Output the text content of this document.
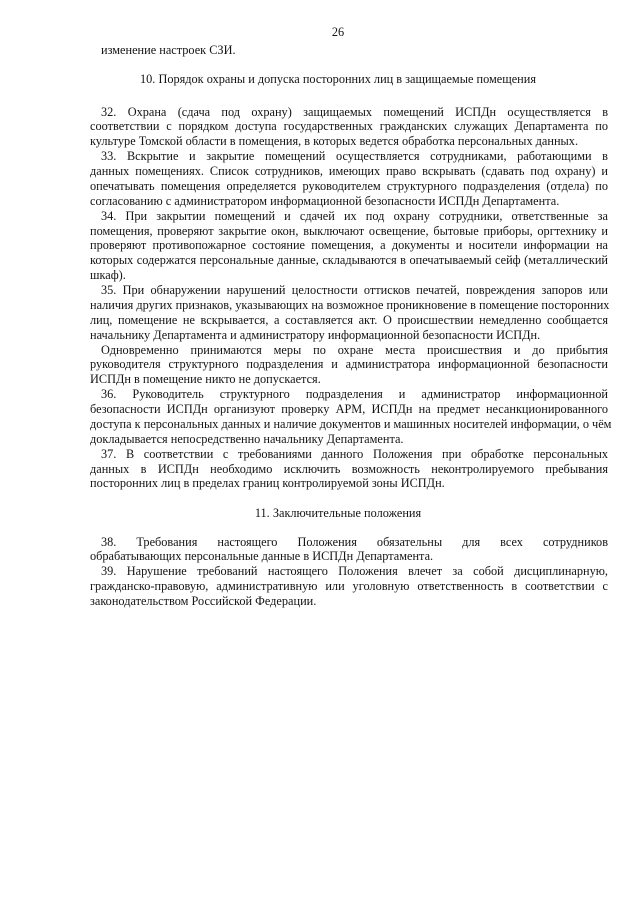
26
изменение настроек СЗИ.
10. Порядок охраны и допуска посторонних лиц в защищаемые помещения
32. Охрана (сдача под охрану) защищаемых помещений ИСПДн осуществляется в
соответствии с порядком доступа государственных гражданских служащих Департамента по
культуре Томской области в помещения, в которых ведется обработка персональных данных.
33. Вскрытие и закрытие помещений осуществляется сотрудниками, работающими в
данных помещениях. Список сотрудников, имеющих право вскрывать (сдавать под охрану) и
опечатывать помещения определяется руководителем структурного подразделения (отдела) по
согласованию с администратором информационной безопасности ИСПДн Департамента.
34. При закрытии помещений и сдачей их под охрану сотрудники, ответственные за
помещения, проверяют закрытие окон, выключают освещение, бытовые приборы, оргтехнику и
проверяют противопожарное состояние помещения, а документы и носители информации на
которых содержатся персональные данные, складываются в опечатываемый сейф (металлический
шкаф).
35. При обнаружении нарушений целостности оттисков печатей, повреждения запоров или
наличия других признаков, указывающих на возможное проникновение в помещение посторонних
лиц, помещение не вскрывается, а составляется акт. О происшествии немедленно сообщается
начальнику Департамента и администратору информационной безопасности ИСПДн.
Одновременно принимаются меры по охране места происшествия и до прибытия
руководителя структурного подразделения и администратора информационной безопасности
ИСПДн в помещение никто не допускается.
36. Руководитель структурного подразделения и администратор информационной
безопасности ИСПДн организуют проверку АРМ, ИСПДн на предмет несанкционированного
доступа к персональных данных и наличие документов и машинных носителей информации, о чём
докладывается непосредственно начальнику Департамента.
37. В соответствии с требованиями данного Положения при обработке персональных
данных в ИСПДн необходимо исключить возможность неконтролируемого пребывания
посторонних лиц в пределах границ контролируемой зоны ИСПДн.
11. Заключительные положения
38. Требования настоящего Положения обязательны для всех сотрудников
обрабатывающих персональные данные в ИСПДн Департамента.
39. Нарушение требований настоящего Положения влечет за собой дисциплинарную,
гражданско-правовую, административную или уголовную ответственность в соответствии с
законодательством Российской Федерации.
